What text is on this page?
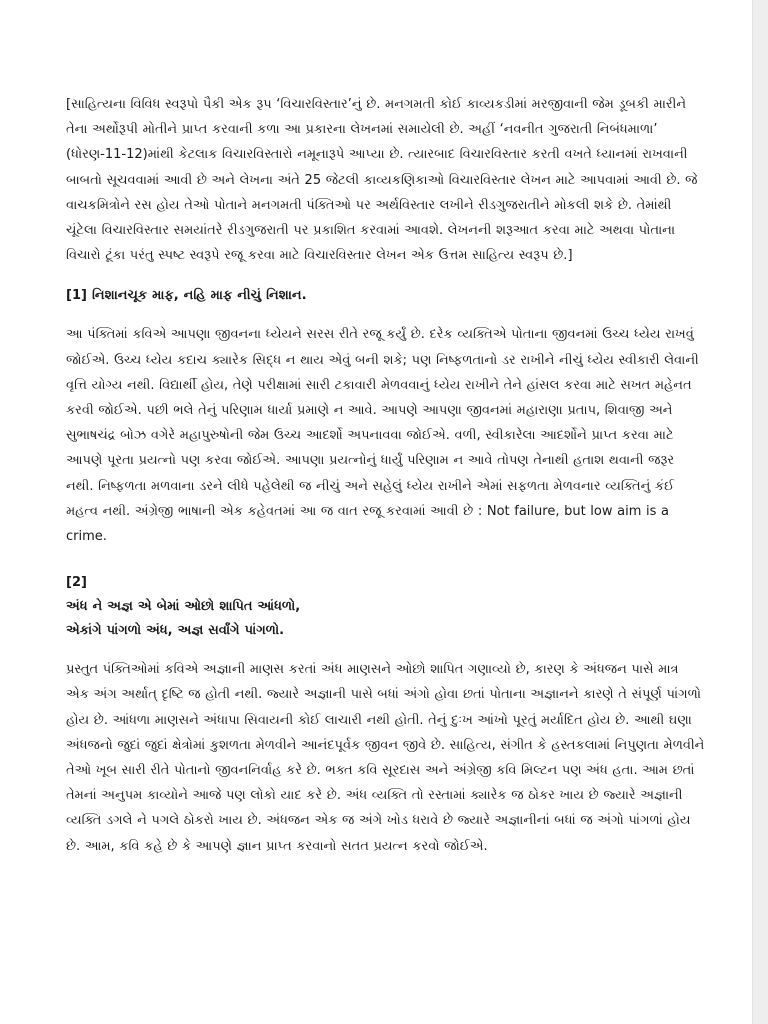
[સાહિત્યના વિવિધ સ્વરૂપો પૈકી એક રૂપ ‘વિચારવિસ્તાર’નું છે. મનગમતી કોઈ કાવ્યકડીમાં મરજીવાની જેમ ડૂબકી મારીને તેના અર્થોરૂપી મોતીને પ્રાપ્ત કરવાની કળા આ પ્રકારના લેખનમાં સમાયેલી છે. અહીં ‘નવનીત ગુજરાતી નિબંધમાળા’ (ધોરણ-11-12)માંથી કેટલાક વિચારવિસ્તારો નમૂનારૂપે આપ્યા છે. ત્યારબાદ વિચારવિસ્તાર કરતી વખતે ધ્યાનમાં રાખવાની બાબતો સૂચવવામાં આવી છે અને લેખના અંતે 25 જેટલી કાવ્યકણિકાઓ વિચારવિસ્તાર લેખન માટે આપવામાં આવી છે. જે વાચકમિત્રોને રસ હોય તેઓ પોતાને મનગમતી પંક્તિઓ પર અર્થવિસ્તાર લખીને રીડગુજરાતીને મોકલી શકે છે. તેમાંથી ચૂંટેલા વિચારવિસ્તાર સમયાંતરે રીડગુજરાતી પર પ્રકાશિત કરવામાં આવશે. લેખનની શરૂઆત કરવા માટે અથવા પોતાના વિચારો ટૂંકા પરંતુ સ્પષ્ટ સ્વરૂપે રજૂ કરવા માટે વિચારવિસ્તાર લેખન એક ઉત્તમ સાહિત્ય સ્વરૂપ છે.]

[1] નિશાનચૂક માફ, નહિ માફ નીચું નિશાન.

આ પંક્તિમાં કવિએ આપણા જીવનના ધ્યેયને સરસ રીતે રજૂ કર્યું છે. દરેક વ્યક્તિએ પોતાના જીવનમાં ઉચ્ચ ધ્યેય રાખવું જોઈએ. ઉચ્ચ ધ્યેય કદાચ ક્યારેક સિદ્ધ ન થાય એવું બની શકે; પણ નિષ્ફળતાનો ડર રાખીને નીચું ધ્યેય સ્વીકારી લેવાની વૃત્તિ યોગ્ય નથી. વિદ્યાર્થી હોય, તેણે પરીક્ષામાં સારી ટકાવારી મેળવવાનું ધ્યેય રાખીને તેને હાંસલ કરવા માટે સખત મહેનત કરવી જોઈએ. પછી ભલે તેનું પરિણામ ધાર્યા પ્રમાણે ન આવે. આપણે આપણા જીવનમાં મહારાણા પ્રતાપ, શિવાજી અને સુભાષચંદ્ર બોઝ વગેરે મહાપુરુષોની જેમ ઉચ્ચ આદર્શો અપનાવવા જોઈએ. વળી, સ્વીકારેલા આદર્શોને પ્રાપ્ત કરવા માટે આપણે પૂરતા પ્રયત્નો પણ કરવા જોઈએ. આપણા પ્રયત્નોનું ધાર્યું પરિણામ ન આવે તોપણ તેનાથી હતાશ થવાની જરૂર નથી. નિષ્ફળતા મળવાના ડરને લીધે પહેલેથી જ નીચું અને સહેલું ધ્યેય રાખીને એમાં સફળતા મેળવનાર વ્યક્તિનું કંઈ મહત્વ નથી. અંગ્રેજી ભાષાની એક કહેવતમાં આ જ વાત રજૂ કરવામાં આવી છે : Not failure, but low aim is a crime.

[2]
અંધ ને અજ્ઞ એ બેમાં ઓછો શાપિત આંધળો,
એકાંગે પાંગળો અંધ, અજ્ઞ સર્વાંગે પાંગળો.

પ્રસ્તુત પંક્તિઓમાં કવિએ અજ્ઞાની માણસ કરતાં અંધ માણસને ઓછો શાપિત ગણાવ્યો છે, કારણ કે અંધજન પાસે માત્ર એક અંગ અર્થાત્ દૃષ્ટિ જ હોતી નથી. જ્યારે અજ્ઞાની પાસે બધાં અંગો હોવા છતાં પોતાના અજ્ઞાનને કારણે તે સંપૂર્ણ પાંગળો હોય છે. આંધળા માણસને અંધાપા સિવાયની કોઈ લાચારી નથી હોતી. તેનું દુઃખ આંખો પૂરતું મર્યાદિત હોય છે. આથી ઘણા અંધજનો જુદાં જુદાં ક્ષેત્રોમાં કુશળતા મેળવીને આનંદપૂર્વક જીવન જીવે છે. સાહિત્ય, સંગીત કે હસ્તકલામાં નિપુણતા મેળવીને તેઓ ખૂબ સારી રીતે પોતાનો જીવનનિર્વાહ કરે છે. ભક્ત કવિ સૂરદાસ અને અંગ્રેજી કવિ મિલ્ટન પણ અંધ હતા. આમ છતાં તેમનાં અનુપમ કાવ્યોને આજે પણ લોકો યાદ કરે છે. અંધ વ્યક્તિ તો રસ્તામાં ક્યારેક જ ઠોકર ખાય છે જ્યારે અજ્ઞાની વ્યક્તિ ડગલે ને પગલે ઠોકરો ખાય છે. અંધજન એક જ અંગે ખોડ ધરાવે છે જ્યારે અજ્ઞાનીનાં બધાં જ અંગો પાંગળાં હોય છે. આમ, કવિ કહે છે કે આપણે જ્ઞાન પ્રાપ્ત કરવાનો સતત પ્રયત્ન કરવો જોઈએ.
